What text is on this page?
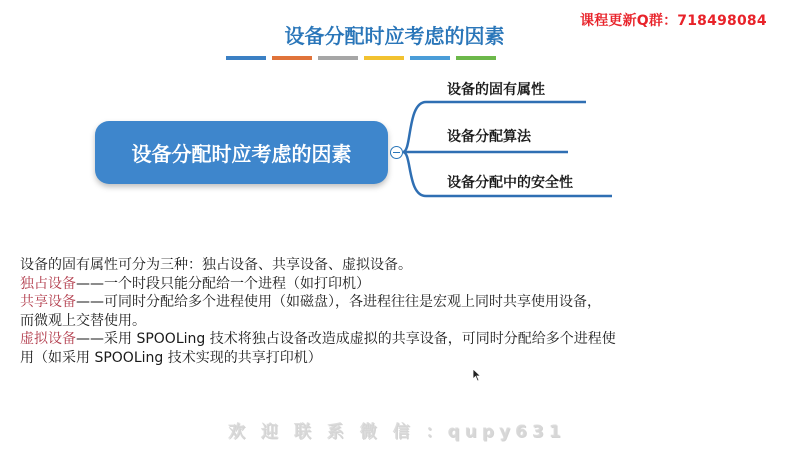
课程更新Q群：718498084
设备分配时应考虑的因素
设备分配时应考虑的因素
设备的固有属性
设备分配算法
设备分配中的安全性
设备的固有属性可分为三种：独占设备、共享设备、虚拟设备。
独占设备——一个时段只能分配给一个进程（如打印机）
共享设备——可同时分配给多个进程使用（如磁盘），各进程往往是宏观上同时共享使用设备，
而微观上交替使用。
虚拟设备——采用 SPOOLing 技术将独占设备改造成虚拟的共享设备，可同时分配给多个进程使
用（如采用 SPOOLing 技术实现的共享打印机）
欢 迎 联 系 微 信 ：qupy631
